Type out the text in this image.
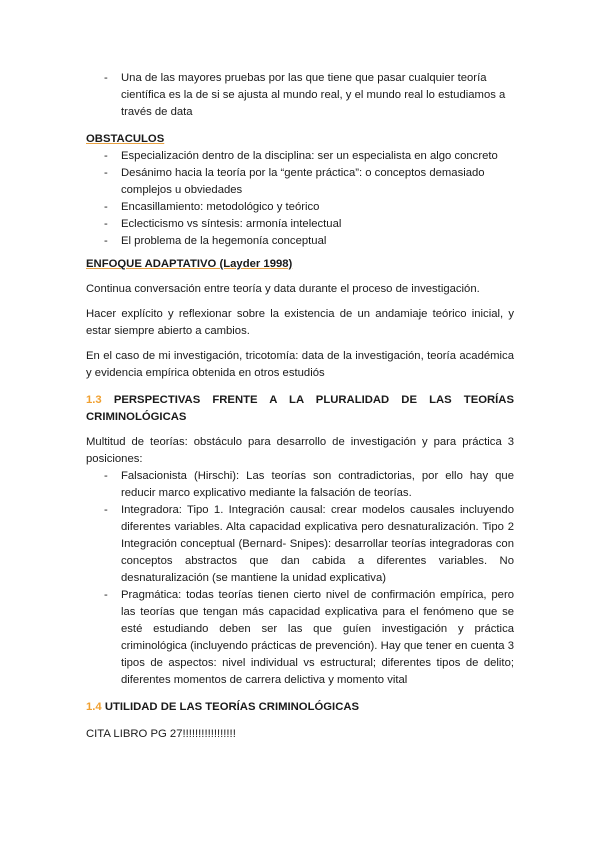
- Una de las mayores pruebas por las que tiene que pasar cualquier teoría científica es la de si se ajusta al mundo real, y el mundo real lo estudiamos a través de data
OBSTACULOS
- Especialización dentro de la disciplina: ser un especialista en algo concreto
- Desánimo hacia la teoría por la “gente práctica”: o conceptos demasiado complejos u obviedades
- Encasillamiento: metodológico y teórico
- Eclecticismo vs síntesis: armonía intelectual
- El problema de la hegemonía conceptual
ENFOQUE ADAPTATIVO (Layder 1998)

Continua conversación entre teoría y data durante el proceso de investigación.

Hacer explícito y reflexionar sobre la existencia de un andamiaje teórico inicial, y estar siempre abierto a cambios.

En el caso de mi investigación, tricotomía: data de la investigación, teoría académica y evidencia empírica obtenida en otros estudiós

1.3 PERSPECTIVAS FRENTE A LA PLURALIDAD DE LAS TEORÍAS CRIMINOLÓGICAS

Multitud de teorías: obstáculo para desarrollo de investigación y para práctica 3 posiciones:

- Falsacionista (Hirschi): Las teorías son contradictorias, por ello hay que reducir marco explicativo mediante la falsación de teorías.
- Integradora: Tipo 1. Integración causal: crear modelos causales incluyendo diferentes variables. Alta capacidad explicativa pero desnaturalización. Tipo 2 Integración conceptual (Bernard- Snipes): desarrollar teorías integradoras con conceptos abstractos que dan cabida a diferentes variables. No desnaturalización (se mantiene la unidad explicativa)
- Pragmática: todas teorías tienen cierto nivel de confirmación empírica, pero las teorías que tengan más capacidad explicativa para el fenómeno que se esté estudiando deben ser las que guíen investigación y práctica criminológica (incluyendo prácticas de prevención). Hay que tener en cuenta 3 tipos de aspectos: nivel individual vs estructural; diferentes tipos de delito; diferentes momentos de carrera delictiva y momento vital
1.4 UTILIDAD DE LAS TEORÍAS CRIMINOLÓGICAS

CITA LIBRO PG 27!!!!!!!!!!!!!!!!!
